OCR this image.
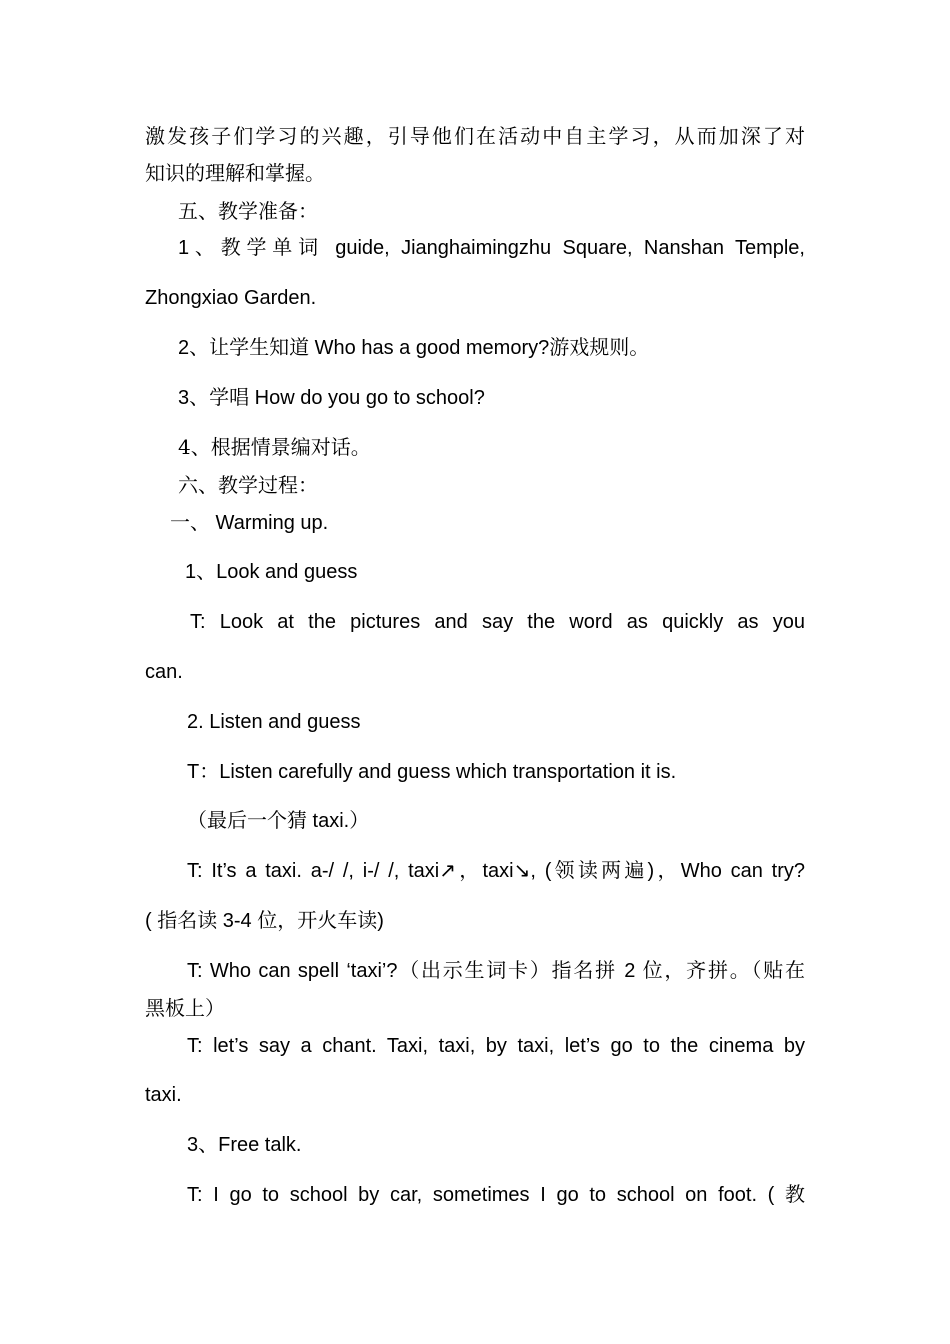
激发孩子们学习的兴趣，引导他们在活动中自主学习，从而加深了对

知识的理解和掌握。

五、教学准备：

1、教学单词 guide, Jianghaimingzhu Square, Nanshan Temple,

Zhongxiao Garden.

2、让学生知道 Who has a good memory?游戏规则。

3、学唱 How do you go to school?

4、根据情景编对话。

六、教学过程：

一、 Warming up.

1、Look and guess

T: Look at the pictures and say the word as quickly as you

can.

2. Listen and guess

T：Listen carefully and guess which transportation it is.

（最后一个猜 taxi.）

T: It’s a taxi. a-/ /, i-/ /, taxi↗，taxi↘, (领读两遍)，Who can try?

( 指名读 3-4 位，开火车读)

T: Who can spell ‘taxi’?（出示生词卡）指名拼 2 位，齐拼。（贴在

黑板上）

T: let’s say a chant. Taxi, taxi, by taxi, let’s go to the cinema by

taxi.

3、Free talk.

T: I go to school by car, sometimes I go to school on foot. ( 教
